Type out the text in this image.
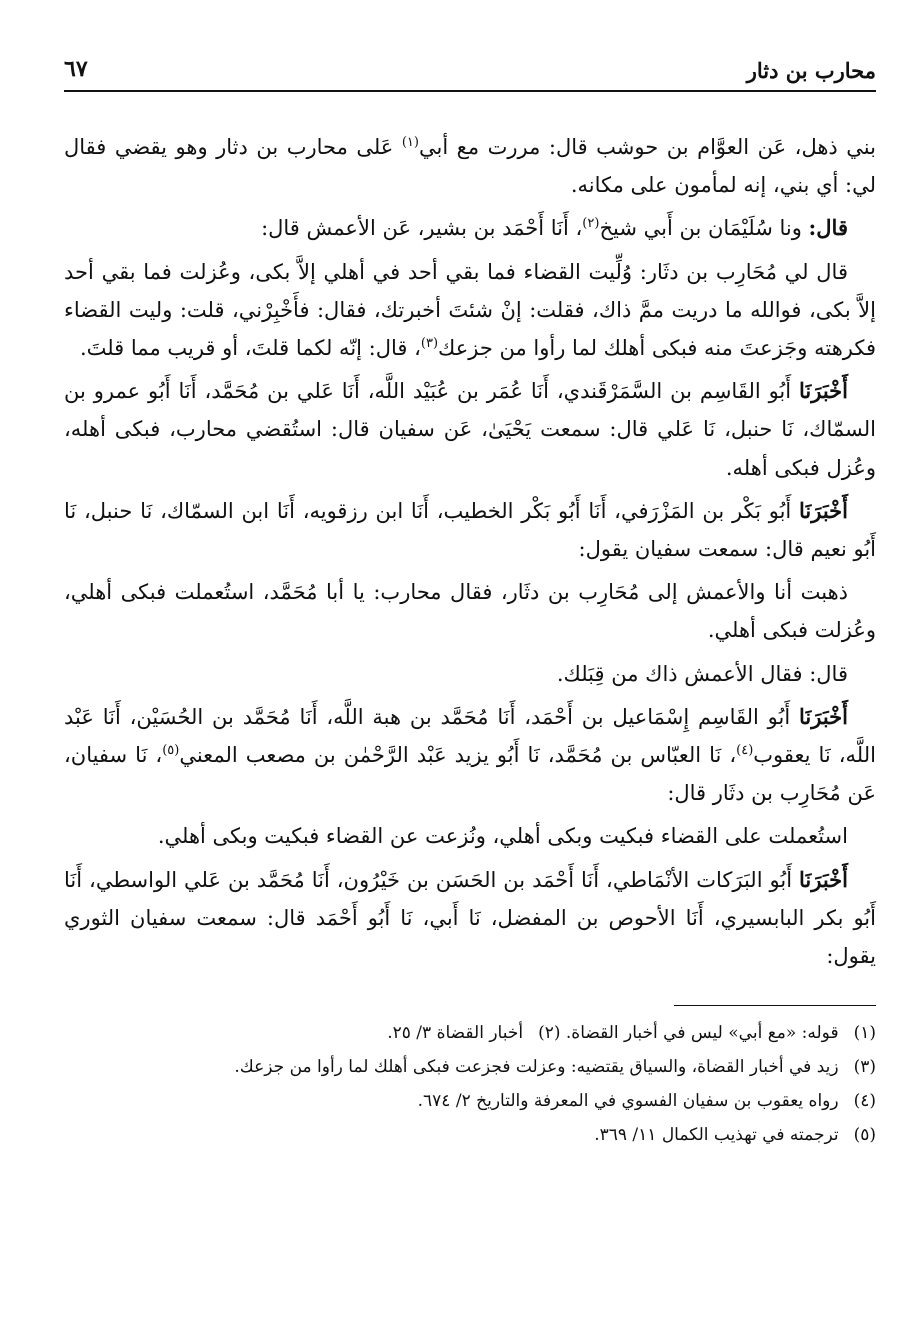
محارب بن دثار
٦٧

بني ذهل، عَن العوَّام بن حوشب قال: مررت مع أبي$^{(١)}$ عَلى محارب بن دثار وهو يقضي فقال لي: أي بني، إنه لمأمون على مكانه.

قال: ونا سُلَيْمَان بن أَبي شيخ$^{(٢)}$، أَنَا أَحْمَد بن بشير، عَن الأعمش قال:

قال لي مُحَارِب بن دثَار: وُلِّيت القضاء فما بقي أحد في أهلي إلاَّ بكى، وعُزلت فما بقي أحد إلاَّ بكى، فوالله ما دريت ممَّ ذاك، فقلت: إنْ شئتَ أخبرتك، فقال: فأَخْبِرْني، قلت: وليت القضاء فكرهته وجَزعتَ منه فبكى أهلك لما رأوا من جزعك$^{(٣)}$، قال: إنّه لكما قلتَ، أو قريب مما قلتَ.

أَخْبَرَنَا أَبُو القَاسِم بن السَّمَرْقَندي، أَنَا عُمَر بن عُبَيْد اللَّه، أَنَا عَلي بن مُحَمَّد، أَنَا أَبُو عمرو بن السمّاك، نَا حنبل، نَا عَلي قال: سمعت يَحْيَىٰ، عَن سفيان قال: استُقضي محارب، فبكى أهله، وعُزل فبكى أهله.

أَخْبَرَنَا أَبُو بَكْر بن المَزْرَفي، أَنَا أَبُو بَكْر الخطيب، أَنَا ابن رزقويه، أَنَا ابن السمّاك، نَا حنبل، نَا أَبُو نعيم قال: سمعت سفيان يقول:

ذهبت أنا والأعمش إلى مُحَارِب بن دثَار، فقال محارب: يا أبا مُحَمَّد، استُعملت فبكى أهلي، وعُزلت فبكى أهلي.

قال: فقال الأعمش ذاك من قِبَلك.

أَخْبَرَنَا أَبُو القَاسِم إِسْمَاعيل بن أَحْمَد، أَنَا مُحَمَّد بن هبة اللَّه، أَنَا مُحَمَّد بن الحُسَيْن، أَنَا عَبْد اللَّه، نَا يعقوب$^{(٤)}$، نَا العبّاس بن مُحَمَّد، نَا أَبُو يزيد عَبْد الرَّحْمٰن بن مصعب المعني$^{(٥)}$، نَا سفيان، عَن مُحَارِب بن دثَار قال:

استُعملت على القضاء فبكيت وبكى أهلي، ونُزعت عن القضاء فبكيت وبكى أهلي.

أَخْبَرَنَا أَبُو البَرَكات الأنْمَاطي، أَنَا أَحْمَد بن الحَسَن بن خَيْرُون، أَنَا مُحَمَّد بن عَلي الواسطي، أَنَا أَبُو بكر البابسيري، أَنَا الأحوص بن المفضل، نَا أَبي، نَا أَبُو أَحْمَد قال: سمعت سفيان الثوري يقول:

(١) قوله: «مع أبي» ليس في أخبار القضاة. (٢) أخبار القضاة ٣/ ٢٥.
(٣) زيد في أخبار القضاة، والسياق يقتضيه: وعزلت فجزعت فبكى أهلك لما رأوا من جزعك.
(٤) رواه يعقوب بن سفيان الفسوي في المعرفة والتاريخ ٢/ ٦٧٤.
(٥) ترجمته في تهذيب الكمال ١١/ ٣٦٩.
